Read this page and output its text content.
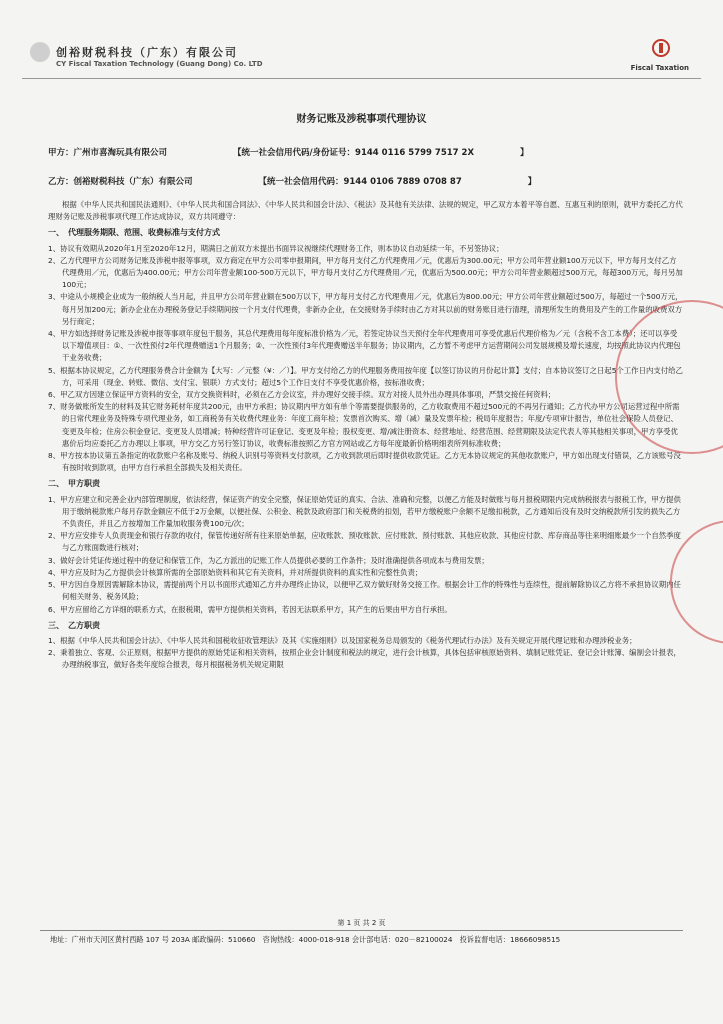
创裕财税科技（广东）有限公司
CY Fiscal Taxation Technology (Guang Dong) Co. LTD	Fiscal Taxation
财务记账及涉税事项代理协议
甲方：广州市喜淘玩具有限公司	【统一社会信用代码/身份证号：9144 0116 5799 7517 2X	】
乙方：创裕财税科技（广东）有限公司	【统一社会信用代码：9144 0106 7889 0708 87	】

根据《中华人民共和国民法通则》、《中华人民共和国合同法》、《中华人民共和国会计法》、《税法》及其他有关法律、法规的规定，甲乙双方本着平等自愿、互惠互利的原则，就甲方委托乙方代理财务记账及涉税事项代理工作达成协议，双方共同遵守：

一、　代理服务期限、范围、收费标准与支付方式

1、协议有效期从2020年1月至2020年12月，期满日之前双方未提出书面异议视继续代理财务工作，则本协议自动延续一年，不另签协议；

2、乙方代理甲方公司财务记账及涉税申报等事项，双方商定在甲方公司零申报期间，甲方每月支付乙方代理费用／元，优惠后为300.00元；甲方公司年营业额100万元以下，甲方每月支付乙方代理费用／元，优惠后为400.00元；甲方公司年营业额100-500万元以下，甲方每月支付乙方代理费用／元，优惠后为500.00元；甲方公司年营业额超过500万元，每超300万元，每月另加100元；

3、中途从小规模企业成为一般纳税人当月起，并且甲方公司年营业额在500万以下，甲方每月支付乙方代理费用／元，优惠后为800.00元；甲方公司年营业额超过500万，每超过一个500万元，每月另加200元；新办企业在办理税务登记手续期间按一个月支付代理费，非新办企业，在交接财务手续时由乙方对其以前的财务账目进行清理，清理所发生的费用及产生的工作量的收费双方另行商定；

4、甲方如选择财务记账及涉税申报等事项年度包干服务，其总代理费用每年度标准价格为／元，若签定协议当天预付全年代理费用可享受优惠后代理价格为／元（含税不含工本费）；还可以享受以下增值项目：①、一次性预付2年代理费赠送1个月服务；②、一次性预付3年代理费赠送半年服务；协议期内，乙方暂不考虑甲方运营期间公司发展规模及增长速度，均按照此协议内代理包干业务收费；

5、根据本协议规定，乙方代理服务费合计金额为【大写：／元整（¥：／）】。甲方支付给乙方的代理服务费用按年度【以签订协议的月份起计算】支付；自本协议签订之日起5个工作日内支付给乙方，可采用（现金、转账、微信、支付宝、银联）方式支付；超过5个工作日支付不享受优惠价格，按标准收费；

6、甲乙双方因建立保证甲方资料的安全，双方交换资料时，必须在乙方会议室，并办理好交接手续。双方对接人员外出办理具体事项，严禁交接任何资料；

7、财务做账所发生的材料及其它财务耗材年度共200元，由甲方承担；协议期内甲方如有单个等需要提供服务的，乙方收取费用不超过500元的不再另行通知；乙方代办甲方公司运营过程中所需的日常代理业务及特殊专项代理业务，如工商税务有关收费代理业务：年度工商年检；发票首次购买、增（减）量及发票年检；税局年度报告；年度/专项审计报告，单位社会保险人员登记、变更及年检；住房公积金登记、变更及人员增减；特种经营许可证登记、变更及年检；股权变更、增/减注册资本、经营地址、经营范围、经营期限及法定代表人等其他相关事项，甲方享受优惠价后均应委托乙方办理以上事项，甲方交乙方另行签订协议，收费标准按照乙方官方网站或乙方每年度最新价格明细表所列标准收费；

8、甲方按本协议第五条指定的收款账户名称及账号、纳税人识别号等资料支付款项，乙方收到款项后即时提供收款凭证。乙方无本协议规定的其他收款账户，甲方如出现支付错误，乙方该账号没有按时收到款项，由甲方自行承担全部损失及相关责任。

二、　甲方职责

1、甲方应建立和完善企业内部管理制度，依法经营，保证资产的安全完整，保证原始凭证的真实、合法、准确和完整，以便乙方能及时做账与每月报税期限内完成纳税报表与报税工作，甲方提供用于缴纳税款账户每月存款金额应不低于2万金额，以便社保、公积金、税款及政府部门和关税费的扣划，若甲方缴税账户余额不足缴扣税款，乙方通知后没有及时交纳税款所引发的损失乙方不负责任，并且乙方按增加工作量加收服务费100元/次；

2、甲方应安排专人负责现金和银行存款的收付，保管传递好所有往来原始单据，应收账款、预收账款、应付账款、预付账款、其他应收款、其他应付款、库存商品等往来明细账最少一个自然季度与乙方账面数进行核对；

3、做好会计凭证传递过程中的登记和保管工作，为乙方派出的记账工作人员提供必要的工作条件；及时准确提供各项成本与费用发票；

4、甲方应及时为乙方提供会计核算所需的全部原始资料和其它有关资料，并对所提供资料的真实性和完整性负责；

5、甲方因自身原因需解除本协议，需提前两个月以书面形式通知乙方并办理终止协议，以便甲乙双方做好财务交接工作。根据会计工作的特殊性与连续性，提前解除协议乙方将不承担协议期内任何相关财务、税务风险；

6、甲方应留给乙方详细的联系方式，在报税期，需甲方提供相关资料，若因无法联系甲方，其产生的后果由甲方自行承担。

三、　乙方职责

1、根据《中华人民共和国会计法》、《中华人民共和国税收征收管理法》及其《实施细则》以及国家税务总局颁发的《税务代理试行办法》及有关规定开展代理记账和办理涉税业务；

2、秉着独立、客观、公正原则，根据甲方提供的原始凭证和相关资料，按照企业会计制度和税法的规定，进行会计核算，具体包括审核原始资料、填制记账凭证、登记会计账簿、编制会计报表，办理纳税事宜，做好各类年度综合报表，每月根据税务机关规定期限

第 1 页 共 2 页
地址：广州市天河区黄村西路 107 号 203A 邮政编码：510660　咨询热线：4000-018-918 会计部电话：020－82100024　投诉监督电话：18666098515
